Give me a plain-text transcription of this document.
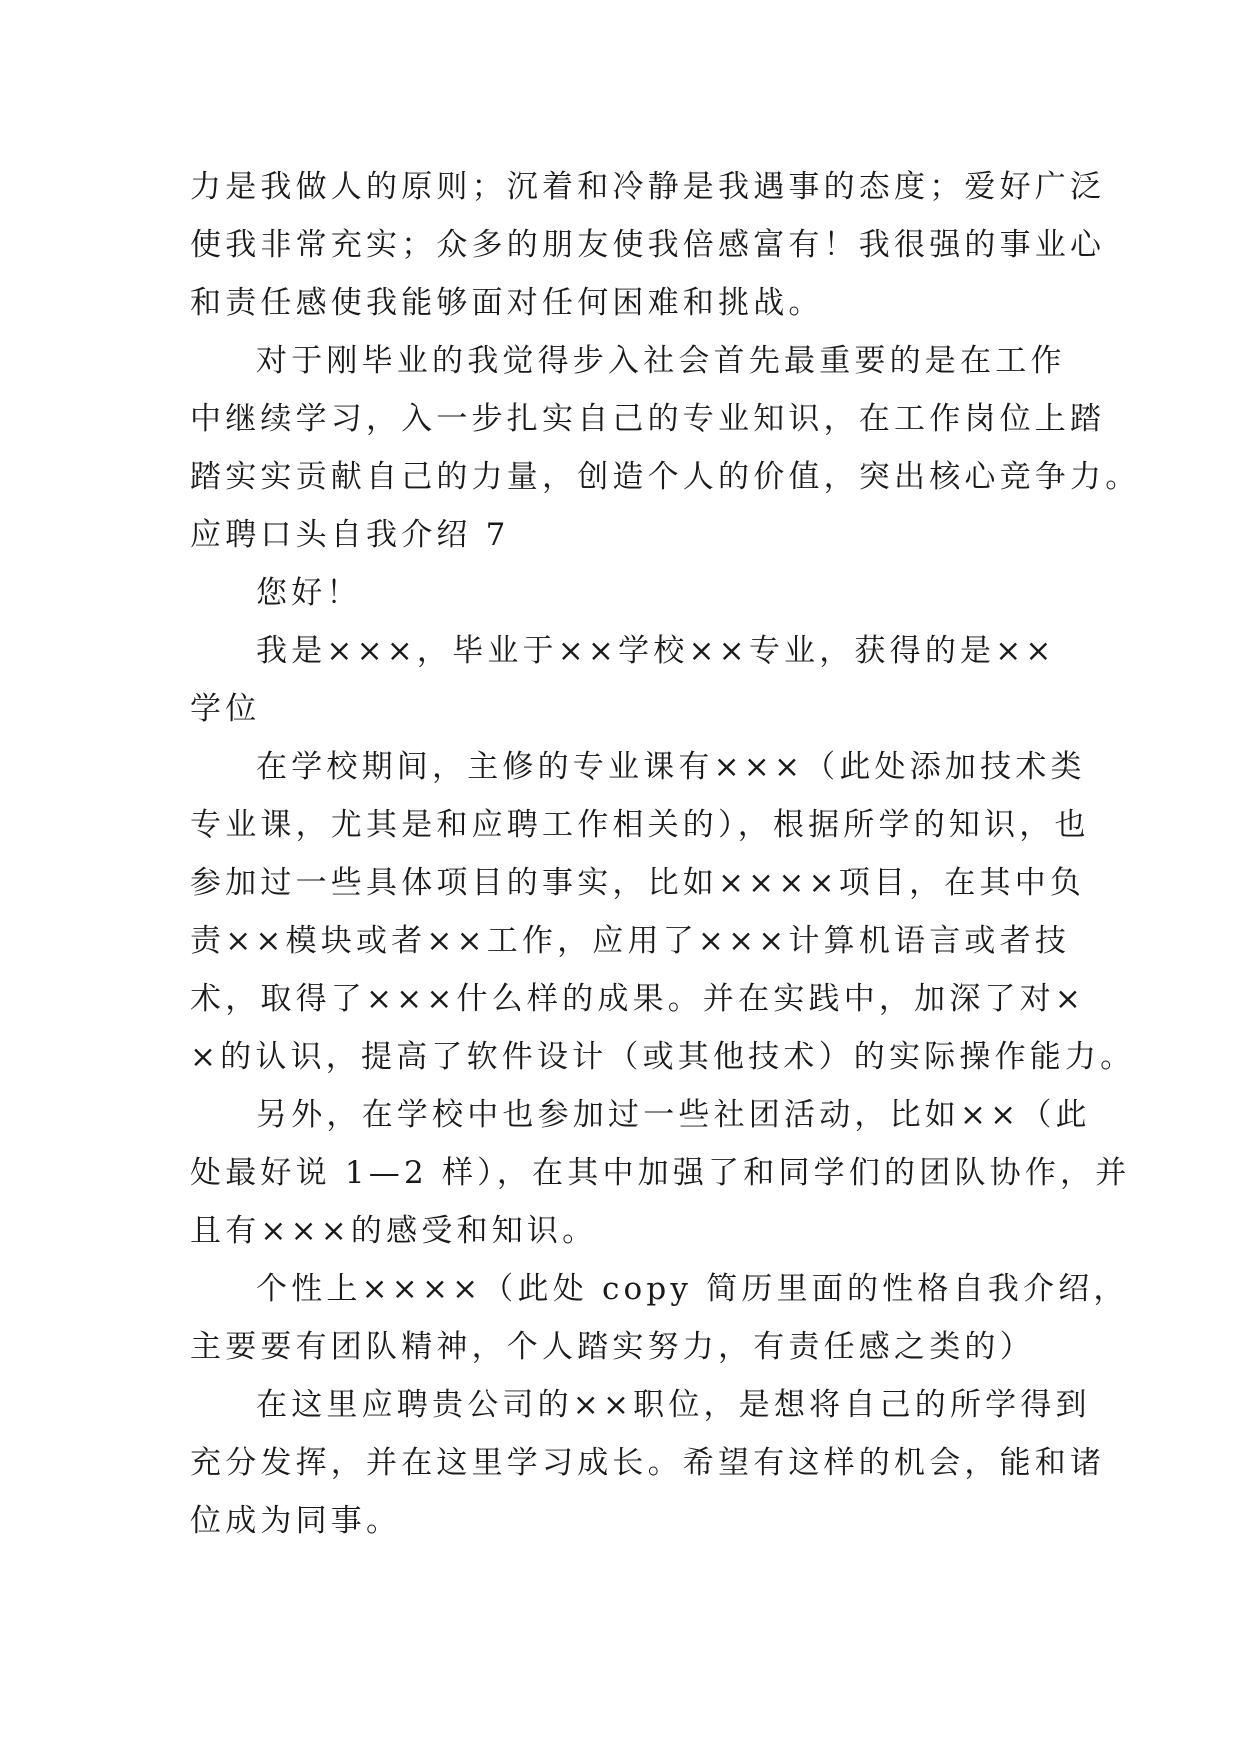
力是我做人的原则；沉着和冷静是我遇事的态度；爱好广泛
使我非常充实；众多的朋友使我倍感富有！我很强的事业心
和责任感使我能够面对任何困难和挑战。
对于刚毕业的我觉得步入社会首先最重要的是在工作
中继续学习，入一步扎实自己的专业知识，在工作岗位上踏
踏实实贡献自己的力量，创造个人的价值，突出核心竞争力。
应聘口头自我介绍 7
您好！
我是×××，毕业于××学校××专业，获得的是××
学位
在学校期间，主修的专业课有×××（此处添加技术类
专业课，尤其是和应聘工作相关的），根据所学的知识，也
参加过一些具体项目的事实，比如××××项目，在其中负
责××模块或者××工作，应用了×××计算机语言或者技
术，取得了×××什么样的成果。并在实践中，加深了对×
×的认识，提高了软件设计（或其他技术）的实际操作能力。
另外，在学校中也参加过一些社团活动，比如××（此
处最好说 1—2 样），在其中加强了和同学们的团队协作，并
且有×××的感受和知识。
个性上××××（此处 copy 简历里面的性格自我介绍，
主要要有团队精神，个人踏实努力，有责任感之类的）
在这里应聘贵公司的××职位，是想将自己的所学得到
充分发挥，并在这里学习成长。希望有这样的机会，能和诸
位成为同事。
